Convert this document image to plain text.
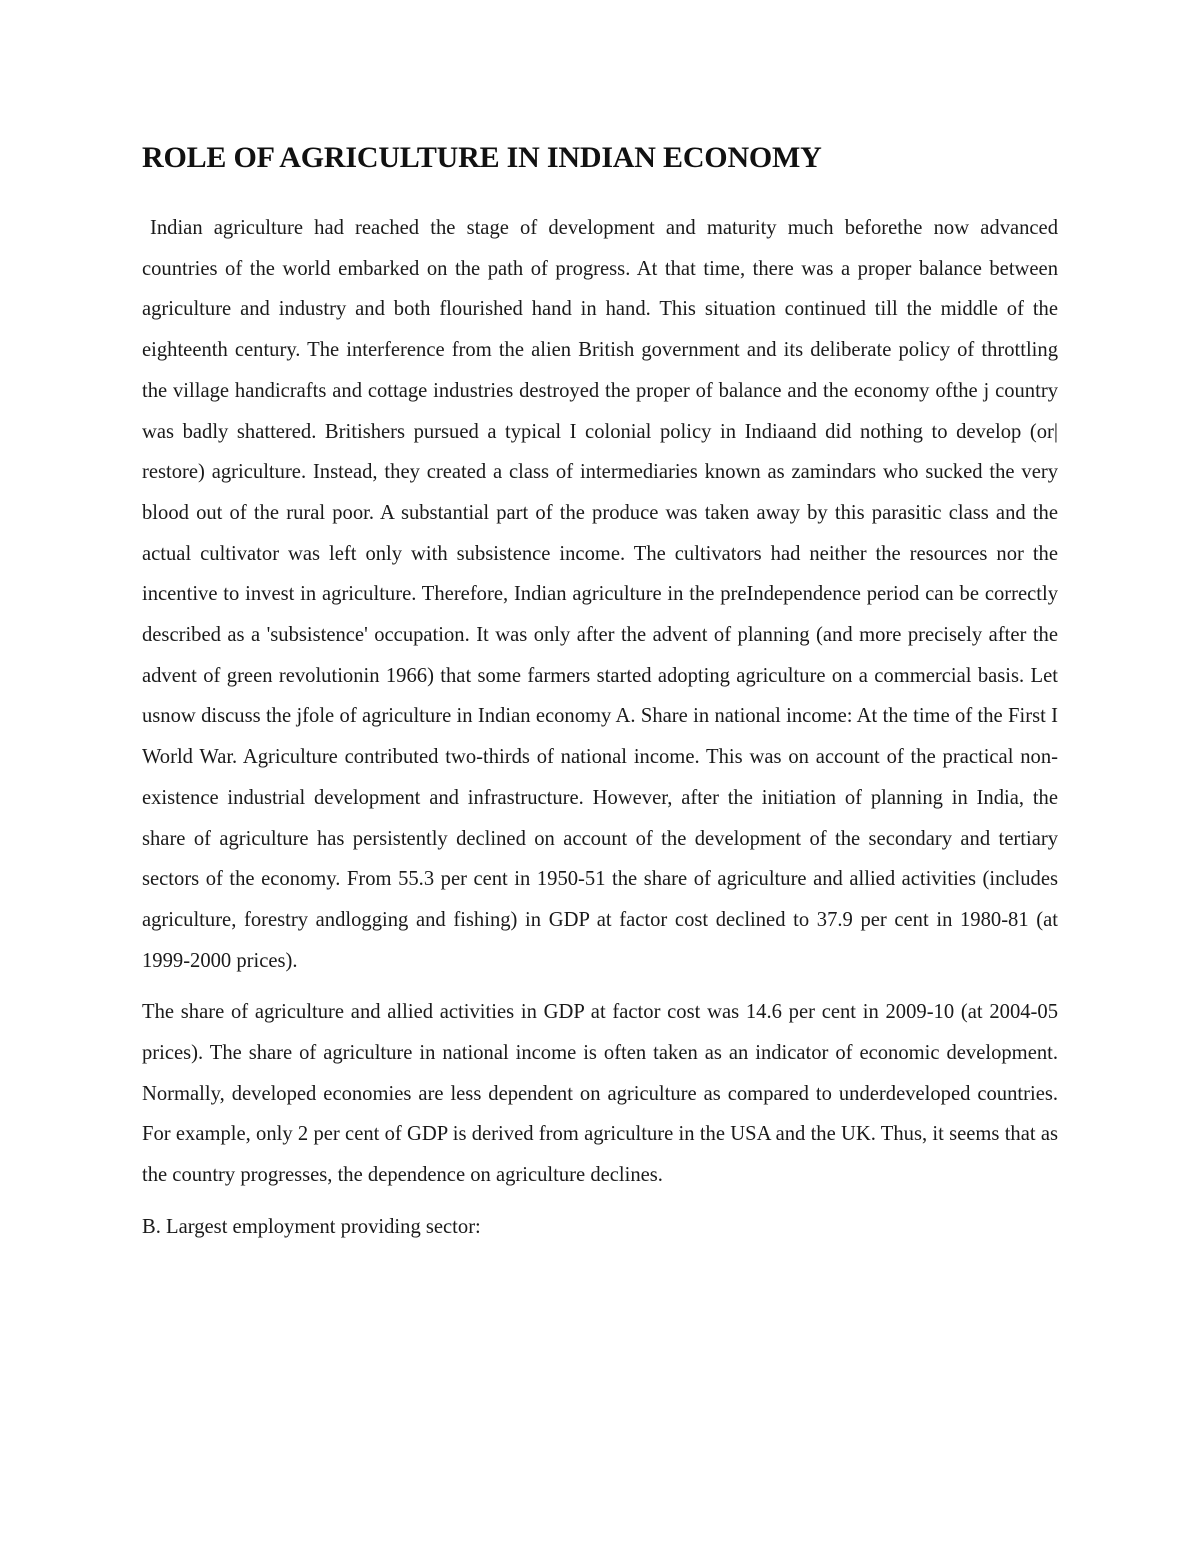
ROLE OF AGRICULTURE IN INDIAN ECONOMY

Indian agriculture had reached the stage of development and maturity much beforethe now advanced countries of the world embarked on the path of progress. At that time, there was a proper balance between agriculture and industry and both flourished hand in hand. This situation continued till the middle of the eighteenth century. The interference from the alien British government and its deliberate policy of throttling the village handicrafts and cottage industries destroyed the proper of balance and the economy ofthe j country was badly shattered. Britishers pursued a typical I colonial policy in Indiaand did nothing to develop (or| restore) agriculture. Instead, they created a class of intermediaries known as zamindars who sucked the very blood out of the rural poor. A substantial part of the produce was taken away by this parasitic class and the actual cultivator was left only with subsistence income. The cultivators had neither the resources nor the incentive to invest in agriculture. Therefore, Indian agriculture in the preIndependence period can be correctly described as a 'subsistence' occupation. It was only after the advent of planning (and more precisely after the advent of green revolutionin 1966) that some farmers started adopting agriculture on a commercial basis. Let usnow discuss the jfole of agriculture in Indian economy A. Share in national income: At the time of the First I World War. Agriculture contributed two-thirds of national income. This was on account of the practical non-existence industrial development and infrastructure. However, after the initiation of planning in India, the share of agriculture has persistently declined on account of the development of the secondary and tertiary sectors of the economy. From 55.3 per cent in 1950-51 the share of agriculture and allied activities (includes agriculture, forestry andlogging and fishing) in GDP at factor cost declined to 37.9 per cent in 1980-81 (at 1999-2000 prices).

The share of agriculture and allied activities in GDP at factor cost was 14.6 per cent in 2009-10 (at 2004-05 prices). The share of agriculture in national income is often taken as an indicator of economic development. Normally, developed economies are less dependent on agriculture as compared to underdeveloped countries. For example, only 2 per cent of GDP is derived from agriculture in the USA and the UK. Thus, it seems that as the country progresses, the dependence on agriculture declines.

B. Largest employment providing sector:
